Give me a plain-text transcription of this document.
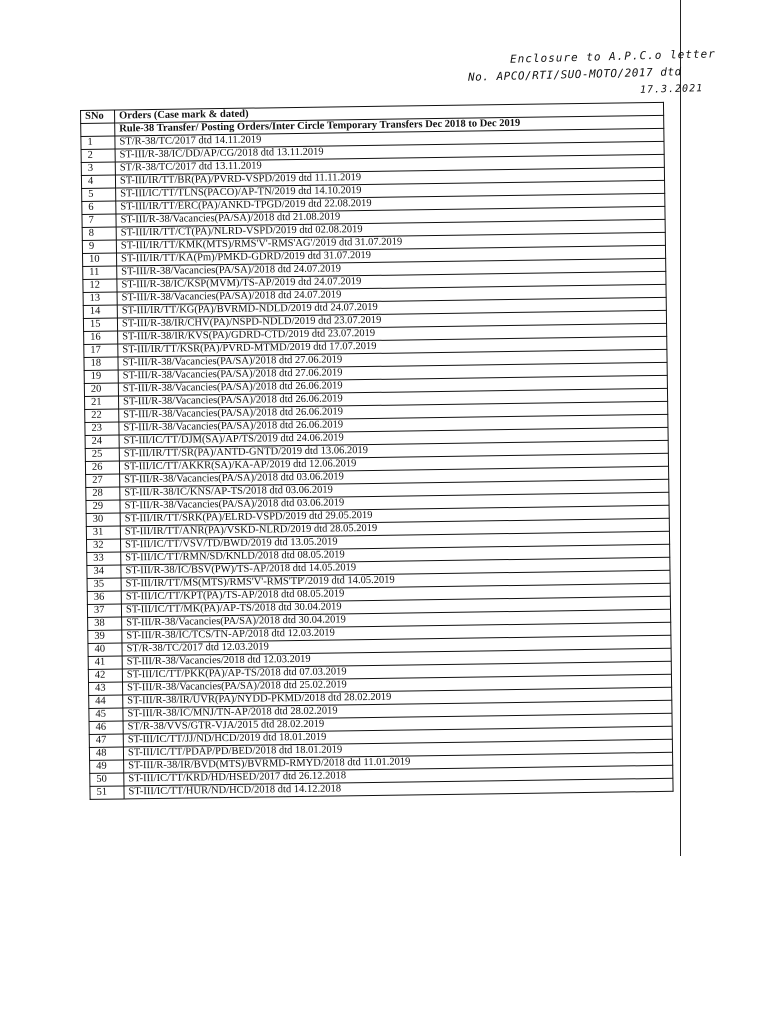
Enclosure to A.P.C.o letter
No. APCO/RTI/SUO-MOTO/2017 dtd
17.3.2021
SNo	Orders (Case mark & dated)
	Rule-38 Transfer/ Posting Orders/Inter Circle Temporary Transfers Dec 2018 to Dec 2019
1	ST/R-38/TC/2017 dtd 14.11.2019
2	ST-III/R-38/IC/DD/AP/CG/2018 dtd 13.11.2019
3	ST/R-38/TC/2017 dtd 13.11.2019
4	ST-III/IR/TT/BR(PA)/PVRD-VSPD/2019 dtd 11.11.2019
5	ST-III/IC/TT/TLNS(PACO)/AP-TN/2019 dtd 14.10.2019
6	ST-III/IR/TT/ERC(PA)/ANKD-TPGD/2019 dtd 22.08.2019
7	ST-III/R-38/Vacancies(PA/SA)/2018 dtd 21.08.2019
8	ST-III/IR/TT/CT(PA)/NLRD-VSPD/2019 dtd 02.08.2019
9	ST-III/IR/TT/KMK(MTS)/RMS'V'-RMS'AG'/2019 dtd 31.07.2019
10	ST-III/IR/TT/KA(Pm)/PMKD-GDRD/2019 dtd 31.07.2019
11	ST-III/R-38/Vacancies(PA/SA)/2018 dtd 24.07.2019
12	ST-III/R-38/IC/KSP(MVM)/TS-AP/2019 dtd 24.07.2019
13	ST-III/R-38/Vacancies(PA/SA)/2018 dtd 24.07.2019
14	ST-III/IR/TT/KG(PA)/BVRMD-NDLD/2019 dtd 24.07.2019
15	ST-III/R-38/IR/CHV(PA)/NSPD-NDLD/2019 dtd 23.07.2019
16	ST-III/R-38/IR/KVS(PA)/GDRD-CTD/2019 dtd 23.07.2019
17	ST-III/IR/TT/KSR(PA)/PVRD-MTMD/2019 dtd 17.07.2019
18	ST-III/R-38/Vacancies(PA/SA)/2018 dtd 27.06.2019
19	ST-III/R-38/Vacancies(PA/SA)/2018 dtd 27.06.2019
20	ST-III/R-38/Vacancies(PA/SA)/2018 dtd 26.06.2019
21	ST-III/R-38/Vacancies(PA/SA)/2018 dtd 26.06.2019
22	ST-III/R-38/Vacancies(PA/SA)/2018 dtd 26.06.2019
23	ST-III/R-38/Vacancies(PA/SA)/2018 dtd 26.06.2019
24	ST-III/IC/TT/DJM(SA)/AP/TS/2019 dtd 24.06.2019
25	ST-III/IR/TT/SR(PA)/ANTD-GNTD/2019 dtd 13.06.2019
26	ST-III/IC/TT/AKKR(SA)/KA-AP/2019 dtd 12.06.2019
27	ST-III/R-38/Vacancies(PA/SA)/2018 dtd 03.06.2019
28	ST-III/R-38/IC/KNS/AP-TS/2018 dtd 03.06.2019
29	ST-III/R-38/Vacancies(PA/SA)/2018 dtd 03.06.2019
30	ST-III/IR/TT/SRK(PA)/ELRD-VSPD/2019 dtd 29.05.2019
31	ST-III/IR/TT/ANR(PA)/VSKD-NLRD/2019 dtd 28.05.2019
32	ST-III/IC/TT/VSV/TD/BWD/2019 dtd 13.05.2019
33	ST-III/IC/TT/RMN/SD/KNLD/2018 dtd 08.05.2019
34	ST-III/R-38/IC/BSV(PW)/TS-AP/2018 dtd 14.05.2019
35	ST-III/IR/TT/MS(MTS)/RMS'V'-RMS'TP'/2019 dtd 14.05.2019
36	ST-III/IC/TT/KPT(PA)/TS-AP/2018 dtd 08.05.2019
37	ST-III/IC/TT/MK(PA)/AP-TS/2018 dtd 30.04.2019
38	ST-III/R-38/Vacancies(PA/SA)/2018 dtd 30.04.2019
39	ST-III/R-38/IC/TCS/TN-AP/2018 dtd 12.03.2019
40	ST/R-38/TC/2017 dtd 12.03.2019
41	ST-III/R-38/Vacancies/2018 dtd 12.03.2019
42	ST-III/IC/TT/PKK(PA)/AP-TS/2018 dtd 07.03.2019
43	ST-III/R-38/Vacancies(PA/SA)/2018 dtd 25.02.2019
44	ST-III/R-38/IR/UVR(PA)/NYDD-PKMD/2018 dtd 28.02.2019
45	ST-III/R-38/IC/MNJ/TN-AP/2018 dtd 28.02.2019
46	ST/R-38/VVS/GTR-VJA/2015 dtd 28.02.2019
47	ST-III/IC/TT/JJ/ND/HCD/2019 dtd 18.01.2019
48	ST-III/IC/TT/PDAP/PD/BED/2018 dtd 18.01.2019
49	ST-III/R-38/IR/BVD(MTS)/BVRMD-RMYD/2018 dtd 11.01.2019
50	ST-III/IC/TT/KRD/HD/HSED/2017 dtd 26.12.2018
51	ST-III/IC/TT/HUR/ND/HCD/2018 dtd 14.12.2018
